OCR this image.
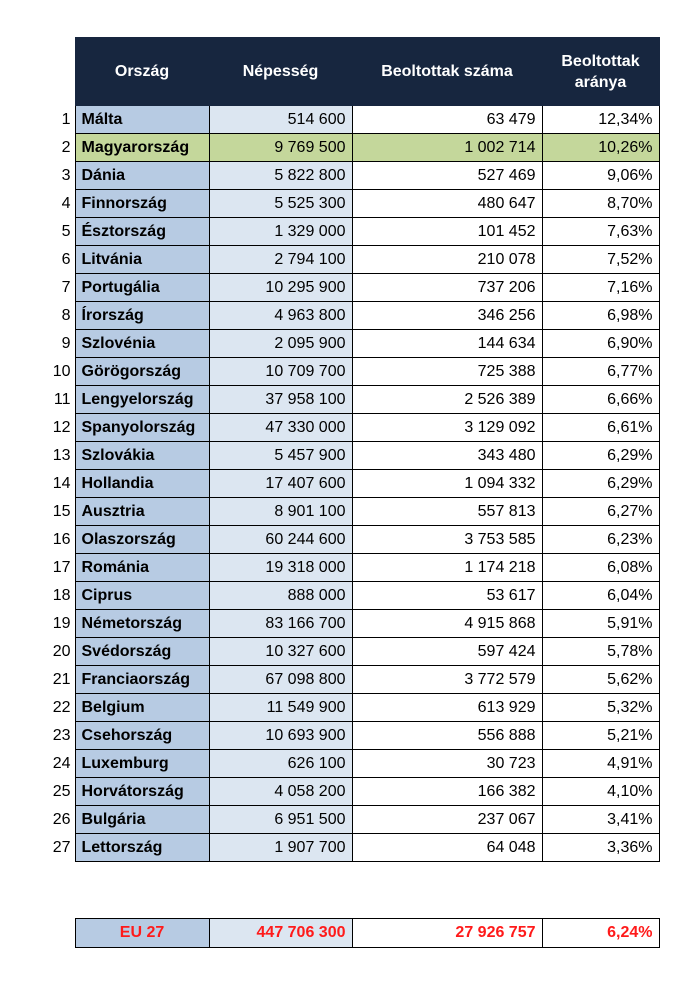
	Ország	Népesség	Beoltottak száma	Beoltottak
aránya
1	Málta	514 600	63 479	12,34%
2	Magyarország	9 769 500	1 002 714	10,26%
3	Dánia	5 822 800	527 469	9,06%
4	Finnország	5 525 300	480 647	8,70%
5	Észtország	1 329 000	101 452	7,63%
6	Litvánia	2 794 100	210 078	7,52%
7	Portugália	10 295 900	737 206	7,16%
8	Írország	4 963 800	346 256	6,98%
9	Szlovénia	2 095 900	144 634	6,90%
10	Görögország	10 709 700	725 388	6,77%
11	Lengyelország	37 958 100	2 526 389	6,66%
12	Spanyolország	47 330 000	3 129 092	6,61%
13	Szlovákia	5 457 900	343 480	6,29%
14	Hollandia	17 407 600	1 094 332	6,29%
15	Ausztria	8 901 100	557 813	6,27%
16	Olaszország	60 244 600	3 753 585	6,23%
17	Románia	19 318 000	1 174 218	6,08%
18	Ciprus	888 000	53 617	6,04%
19	Németország	83 166 700	4 915 868	5,91%
20	Svédország	10 327 600	597 424	5,78%
21	Franciaország	67 098 800	3 772 579	5,62%
22	Belgium	11 549 900	613 929	5,32%
23	Csehország	10 693 900	556 888	5,21%
24	Luxemburg	626 100	30 723	4,91%
25	Horvátország	4 058 200	166 382	4,10%
26	Bulgária	6 951 500	237 067	3,41%
27	Lettország	1 907 700	64 048	3,36%
	EU 27	447 706 300	27 926 757	6,24%
